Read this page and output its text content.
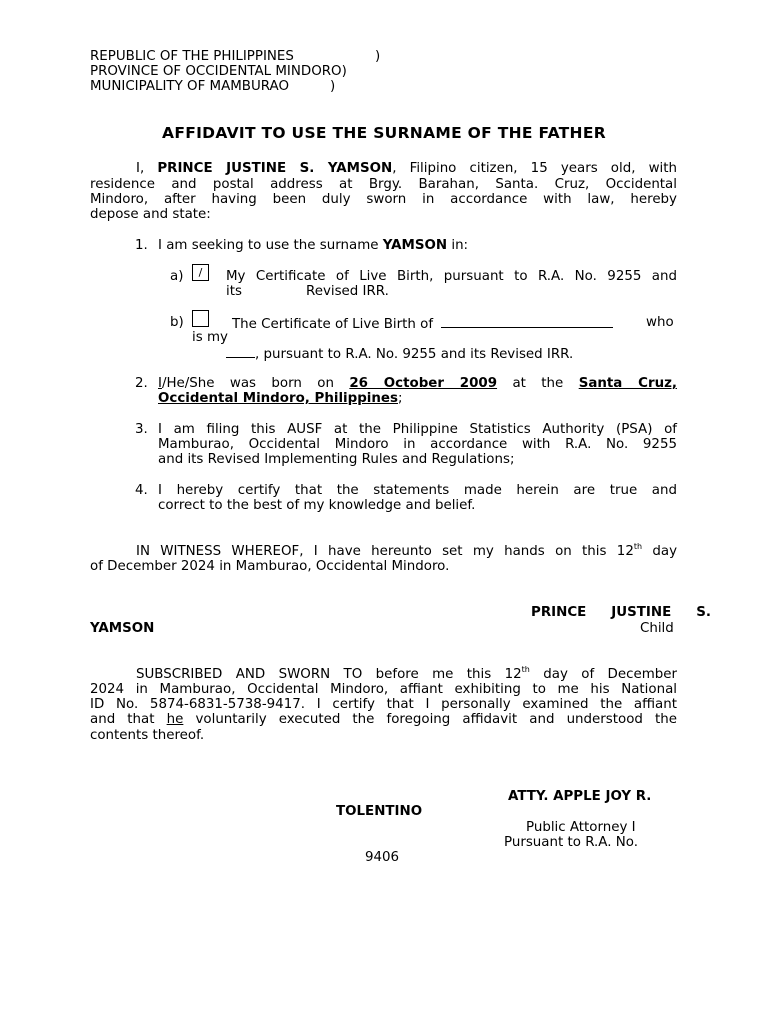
REPUBLIC OF THE PHILIPPINES	)
PROVINCE OF OCCIDENTAL MINDORO)
MUNICIPALITY OF MAMBURAO	)
AFFIDAVIT TO USE THE SURNAME OF THE FATHER
I, PRINCE JUSTINE S. YAMSON, Filipino citizen, 15 years old, with
residence and postal address at Brgy. Barahan, Santa. Cruz, Occidental
Mindoro, after having been duly sworn in accordance with law, hereby
depose and state:
1. I am seeking to use the surname YAMSON in:
a)	/	My Certificate of Live Birth, pursuant to R.A. No. 9255 and
its	Revised IRR.
b)	The Certificate of Live Birth of	who
is my
, pursuant to R.A. No. 9255 and its Revised IRR.
2. I/He/She was born on 26 October 2009 at the Santa Cruz,
Occidental Mindoro, Philippines;
3. I am filing this AUSF at the Philippine Statistics Authority (PSA) of
Mamburao, Occidental Mindoro in accordance with R.A. No. 9255
and its Revised Implementing Rules and Regulations;
4. I hereby certify that the statements made herein are true and
correct to the best of my knowledge and belief.
IN WITNESS WHEREOF, I have hereunto set my hands on this 12th day
of December 2024 in Mamburao, Occidental Mindoro.
PRINCE JUSTINE S.
YAMSON	Child
SUBSCRIBED AND SWORN TO before me this 12th day of December
2024 in Mamburao, Occidental Mindoro, affiant exhibiting to me his National
ID No. 5874-6831-5738-9417. I certify that I personally examined the affiant
and that he voluntarily executed the foregoing affidavit and understood the
contents thereof.
ATTY. APPLE JOY R.
TOLENTINO
Public Attorney I
Pursuant to R.A. No.
9406
